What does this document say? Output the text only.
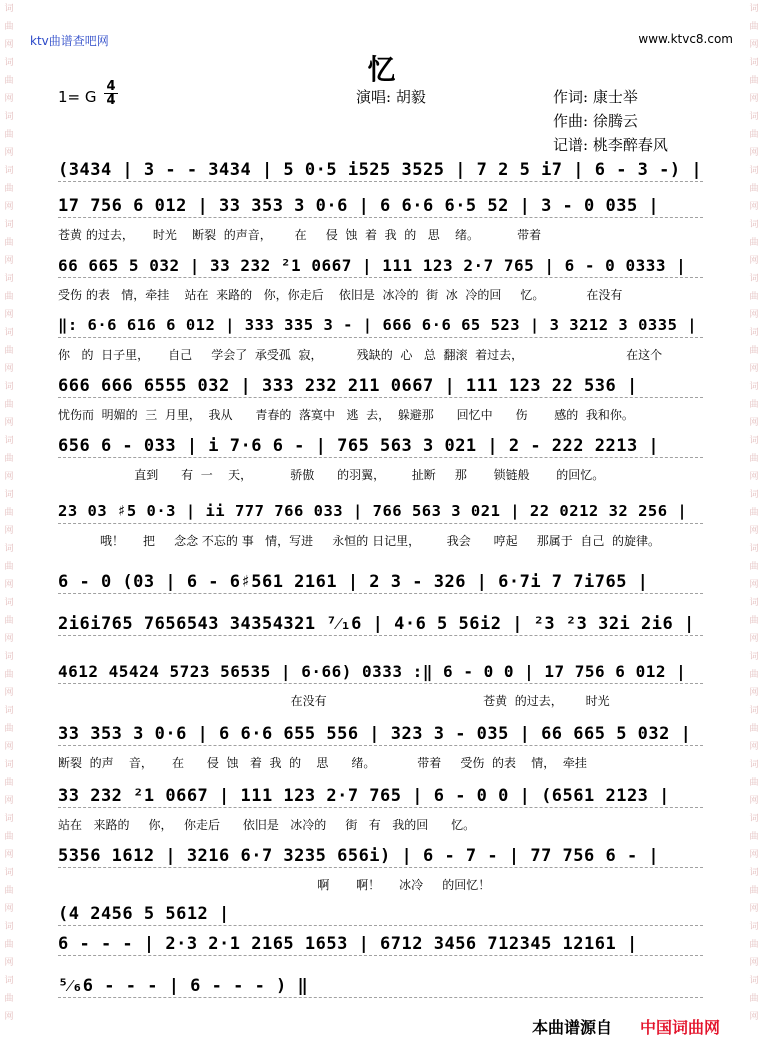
词曲网词曲网词曲网词曲网词曲网词曲网词曲网词曲网词曲网词曲网词曲网词曲网词曲网词曲网词曲网词曲网词曲网词曲网词曲网
词曲网词曲网词曲网词曲网词曲网词曲网词曲网词曲网词曲网词曲网词曲网词曲网词曲网词曲网词曲网词曲网词曲网词曲网词曲网
ktv曲谱查吧网	www.ktvc8.com
忆
1= G
4
4	演唱: 胡毅	作词: 康士举
作曲: 徐腾云
记谱: 桃李醉春风
(3434 | 3 - - 3434 | 5 0·5 i525 3525 | 7 2 5 i7 | 6 - 3 -) |
17 756 6 012 | 33 353 3 0·6 | 6 6·6 6·5 52 | 3 - 0 035 |
苍黄 的过去，     时光    断裂  的声音，      在     侵  蚀  着  我  的   思    绪。          带着
66 665 5 032 | 33 232 ²1 0667 | 111 123 2·7 765 | 6 - 0 0333 |
受伤 的表   情，牵挂    站在  来路的   你，你走后    依旧是  冰冷的  街  冰  冷的回     忆。           在没有
‖: 6·6 616 6 012 | 333 335 3 - | 666 6·6 65 523 | 3 3212 3 0335 |
你   的  日子里，     自己     学会了  承受孤  寂，         残缺的  心   总  翻滚  着过去，                           在这个
666 666 6555 032 | 333 232 211 0667 | 111 123 22 536 |
忧伤而  明媚的  三  月里，  我从      青春的  落寞中   逃  去，  躲避那      回忆中      伤       感的  我和你。
656 6 - 033 | i 7·6 6 - | 765 563 3 021 | 2 - 222 2213 |
直到      有  一    天，          骄傲      的羽翼，       扯断     那       锁链般       的回忆。
23 03 ♯5 0·3 | ii 777 766 033 | 766 563 3 021 | 22 0212 32 256 |
哦！     把     念念 不忘的 事   情，写进     永恒的 日记里，       我会      哼起     那属于  自己  的旋律。
6 - 0 (03 | 6 - 6♯561 2161 | 2 3 - 326 | 6·7i 7 7i765 |
2i6i765 7656543 34354321 ⁷⁄₁6 | 4·6 5 56i2 | ²3 ²3 32i 2i6 |
4612 45424 5723 56535 | 6·66) 0333 :‖ 6 - 0 0 | 17 756 6 012 |
在没有                                         苍黄  的过去，      时光
33 353 3 0·6 | 6 6·6 655 556 | 323 3 - 035 | 66 665 5 032 |
断裂  的声    音，     在      侵  蚀   着  我  的    思      绪。           带着     受伤  的表    情，  牵挂
33 232 ²1 0667 | 111 123 2·7 765 | 6 - 0 0 | (6561 2123 |
站在   来路的     你，   你走后      依旧是   冰冷的     街   有   我的回      忆。
5356 1612 | 3216 6·7 3235 656i) | 6 - 7 - | 77 756 6 - |
啊       啊！     冰冷     的回忆！
(4 2456 5 5612 |
6 - - - | 2·3 2·1 2165 1653 | 6712 3456 712345 12161 |
⁵⁄₆6 - - - | 6 - - - ) ‖
本曲谱源自 中国词曲网
